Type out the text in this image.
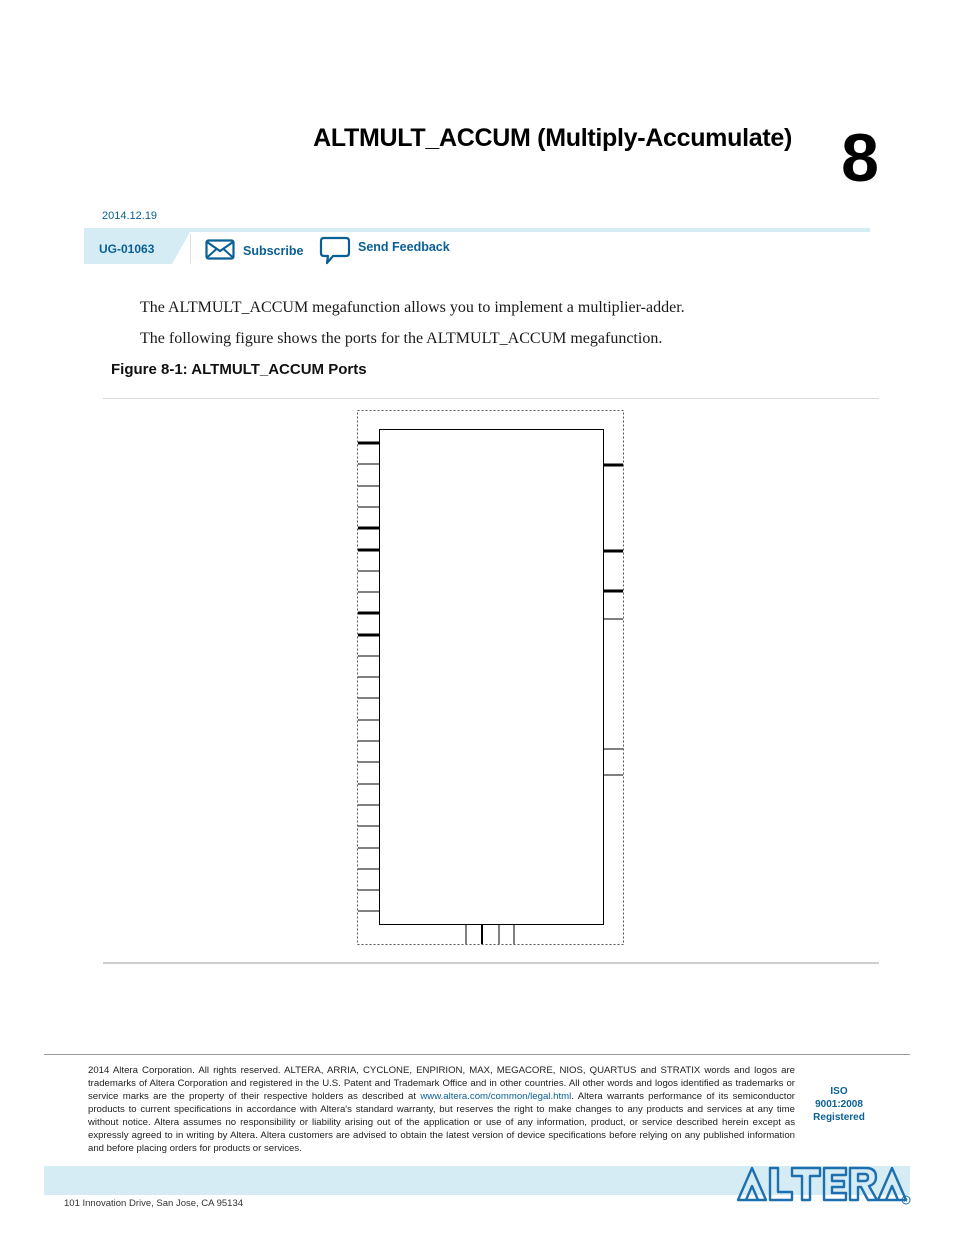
ALTMULT_ACCUM (Multiply-Accumulate) 8
2014.12.19
UG-01063	Subscribe	Send Feedback
The ALTMULT_ACCUM megafunction allows you to implement a multiplier-adder.
The following figure shows the ports for the ALTMULT_ACCUM megafunction.
Figure 8-1: ALTMULT_ACCUM Ports
2014 Altera Corporation. All rights reserved. ALTERA, ARRIA, CYCLONE, ENPIRION, MAX, MEGACORE, NIOS, QUARTUS and STRATIX words and logos are trademarks of Altera Corporation and registered in the U.S. Patent and Trademark Office and in other countries. All other words and logos identified as trademarks or service marks are the property of their respective holders as described at www.altera.com/common/legal.html. Altera warrants performance of its semiconductor products to current specifications in accordance with Altera's standard warranty, but reserves the right to make changes to any products and services at any time without notice. Altera assumes no responsibility or liability arising out of the application or use of any information, product, or service described herein except as expressly agreed to in writing by Altera. Altera customers are advised to obtain the latest version of device specifications before relying on any published information and before placing orders for products or services.
ISO
9001:2008
Registered
R
101 Innovation Drive, San Jose, CA 95134
